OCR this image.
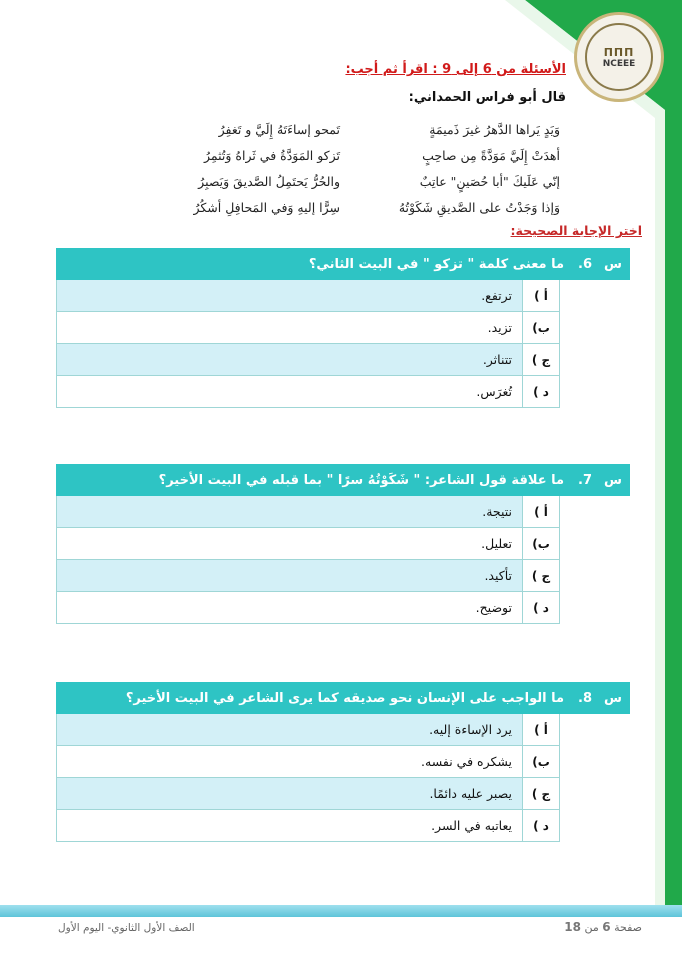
ΠΠΠ
NCEEE
الأسئلة من 6 إلى 9 : اقرأ ثم أجب:
قال أبو فراس الحمداني:
وَيَدٍ يَراها الدَّهرُ غيرَ ذَميمَةٍ
تَمحو إساءَتَهُ إِلَيَّ و تَغفِرُ
أهدَتْ إِلَيَّ مَوَدَّةً مِن صاحِبٍ
تَزكو المَوَدَّةُ في ثَراهُ وَتُثمِرُ
إنّي عَلَيكَ "أبا حُصَينٍ" عاتِبٌ
والحُرُّ يَحتَمِلُ الصَّديقَ وَيَصبِرُ
وَإذا وَجَدْتُ على الصَّديقِ شَكَوْتُهُ
سِرًّا إليهِ وَفي المَحافِلِ أشكُرُ
اختر الإجابة الصحيحة:
س
6.
ما معنى كلمة " تزكو " في البيت الثاني؟
أ )
ترتفع.
ب)
تزيد.
ج )
تتناثر.
د )
تُغرَس.
س
7.
ما علاقة قول الشاعر: " شَكَوْتُهُ سرًا " بما قبله في البيت الأخير؟
أ )
نتيجة.
ب)
تعليل.
ج )
تأكيد.
د )
توضيح.
س
8.
ما الواجب على الإنسان نحو صديقه كما يرى الشاعر في البيت الأخير؟
أ )
يرد الإساءة إليه.
ب)
يشكره في نفسه.
ج )
يصبر عليه دائمًا.
د )
يعاتبه في السر.
الصف الأول الثانوي- اليوم الأول	صفحة 6 من 18
